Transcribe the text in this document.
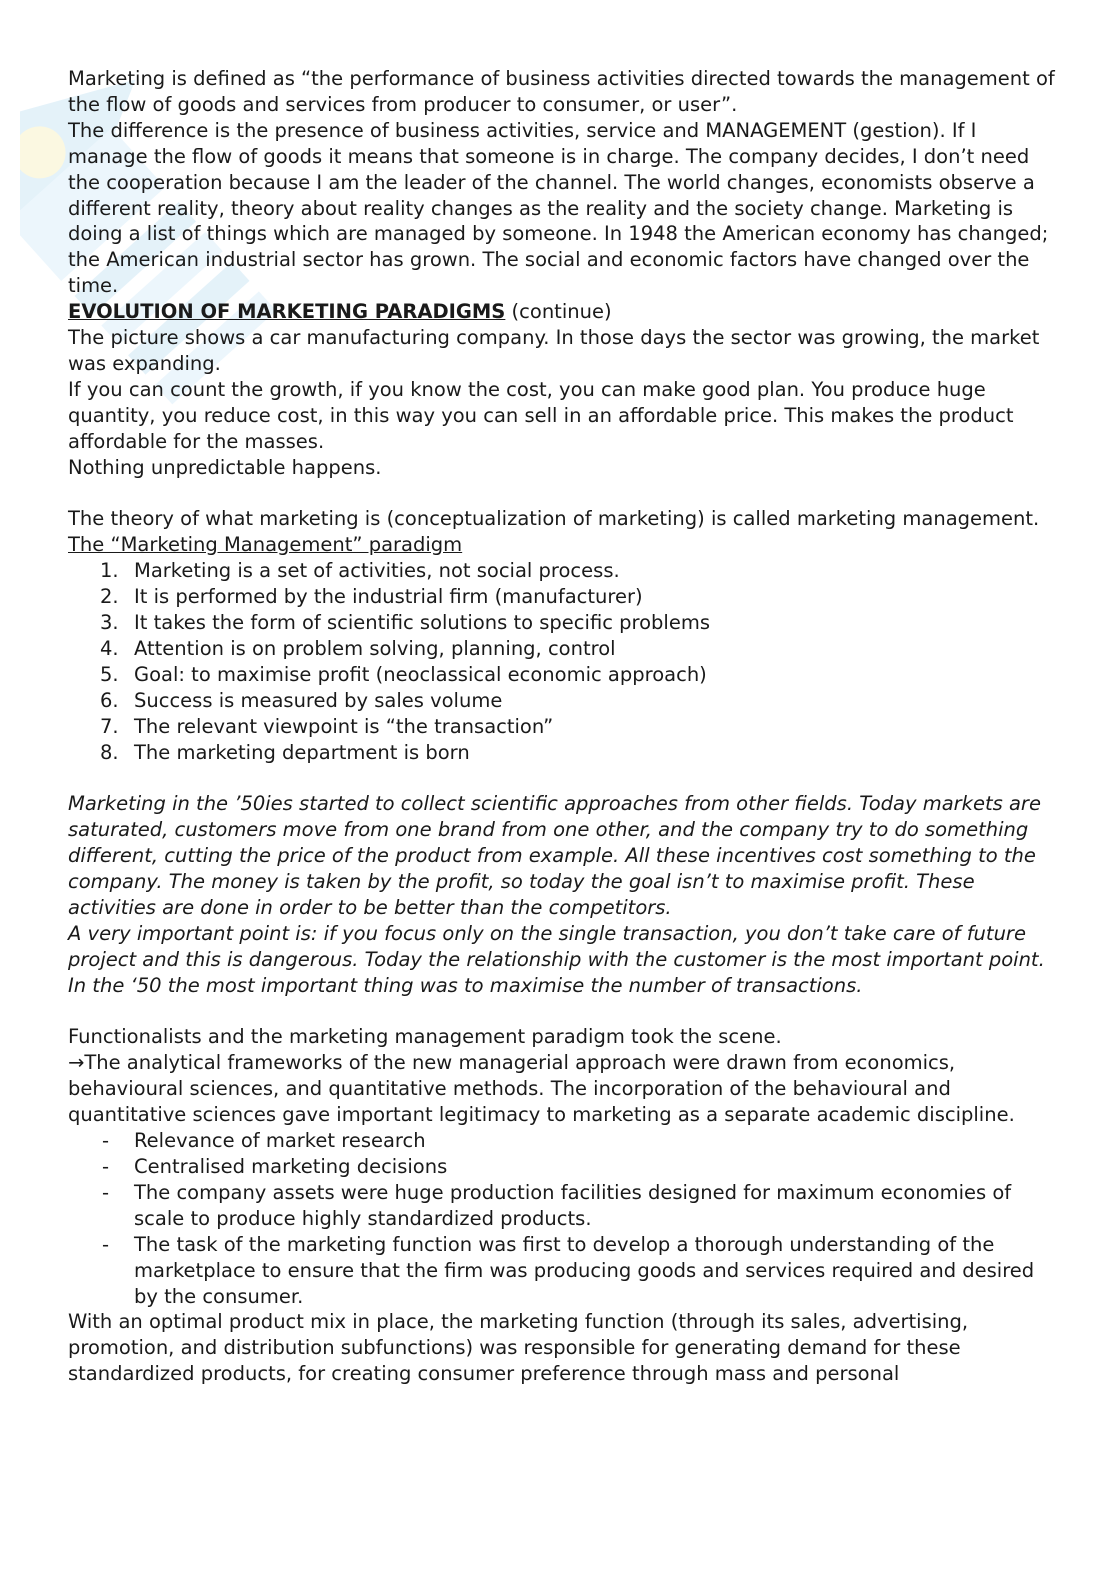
Marketing is defined as “the performance of business activities directed towards the management of the flow of goods and services from producer to consumer, or user”.

The difference is the presence of business activities, service and MANAGEMENT (gestion). If I manage the flow of goods it means that someone is in charge. The company decides, I don’t need the cooperation because I am the leader of the channel. The world changes, economists observe a different reality, theory about reality changes as the reality and the society change. Marketing is doing a list of things which are managed by someone. In 1948 the American economy has changed; the American industrial sector has grown. The social and economic factors have changed over the time.

EVOLUTION OF MARKETING PARADIGMS (continue)

The picture shows a car manufacturing company. In those days the sector was growing, the market was expanding.

If you can count the growth, if you know the cost, you can make good plan. You produce huge quantity, you reduce cost, in this way you can sell in an affordable price. This makes the product affordable for the masses.

Nothing unpredictable happens.

The theory of what marketing is (conceptualization of marketing) is called marketing management.

The “Marketing Management” paradigm

1. Marketing is a set of activities, not social process.
2. It is performed by the industrial firm (manufacturer)
3. It takes the form of scientific solutions to specific problems
4. Attention is on problem solving, planning, control
5. Goal: to maximise profit (neoclassical economic approach)
6. Success is measured by sales volume
7. The relevant viewpoint is “the transaction”
8. The marketing department is born

Marketing in the ’50ies started to collect scientific approaches from other fields. Today markets are saturated, customers move from one brand from one other, and the company try to do something different, cutting the price of the product from example. All these incentives cost something to the company. The money is taken by the profit, so today the goal isn’t to maximise profit. These activities are done in order to be better than the competitors.

A very important point is: if you focus only on the single transaction, you don’t take care of future project and this is dangerous. Today the relationship with the customer is the most important point. In the ‘50 the most important thing was to maximise the number of transactions.

Functionalists and the marketing management paradigm took the scene.

→The analytical frameworks of the new managerial approach were drawn from economics, behavioural sciences, and quantitative methods. The incorporation of the behavioural and quantitative sciences gave important legitimacy to marketing as a separate academic discipline.

- Relevance of market research
- Centralised marketing decisions
- The company assets were huge production facilities designed for maximum economies of scale to produce highly standardized products.
- The task of the marketing function was first to develop a thorough understanding of the marketplace to ensure that the firm was producing goods and services required and desired by the consumer.

With an optimal product mix in place, the marketing function (through its sales, advertising, promotion, and distribution subfunctions) was responsible for generating demand for these standardized products, for creating consumer preference through mass and personal
